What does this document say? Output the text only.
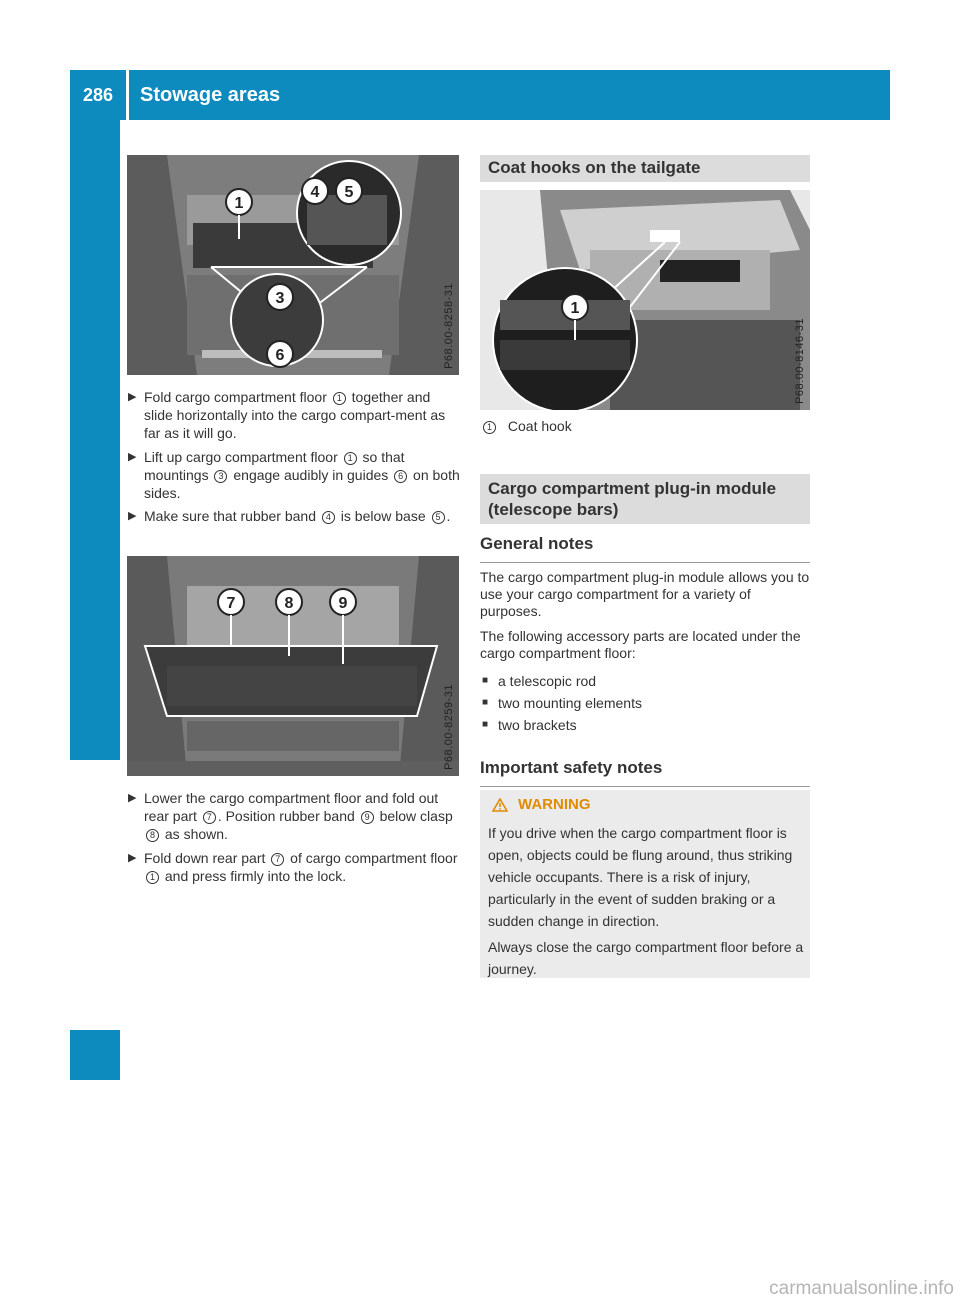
286	Stowage areas
Stowage and features
1
4 5
3
6	P68.00-8258-31
▶ Fold cargo compartment floor 1 together and slide horizontally into the cargo compart-ment as far as it will go.
▶ Lift up cargo compartment floor 1 so that mountings 3 engage audibly in guides 6 on both sides.
▶ Make sure that rubber band 4 is below base 5 .
7	8	9
P68.00-8259-31
▶ Lower the cargo compartment floor and fold out rear part 7 . Position rubber band 9 below clasp 8 as shown.
▶ Fold down rear part 7 of cargo compartment floor 1 and press firmly into the lock.
Coat hooks on the tailgate
1
P68.00-8146-31
1 Coat hook
Cargo compartment plug-in module
(telescope bars)
General notes
The cargo compartment plug-in module allows you to use your cargo compartment for a variety of purposes.
The following accessory parts are located under the cargo compartment floor:
■ a telescopic rod
■ two mounting elements
■ two brackets
Important safety notes
WARNING
If you drive when the cargo compartment floor is open, objects could be flung around, thus striking vehicle occupants. There is a risk of injury, particularly in the event of sudden braking or a sudden change in direction.
Always close the cargo compartment floor before a journey.
carmanualsonline.info
